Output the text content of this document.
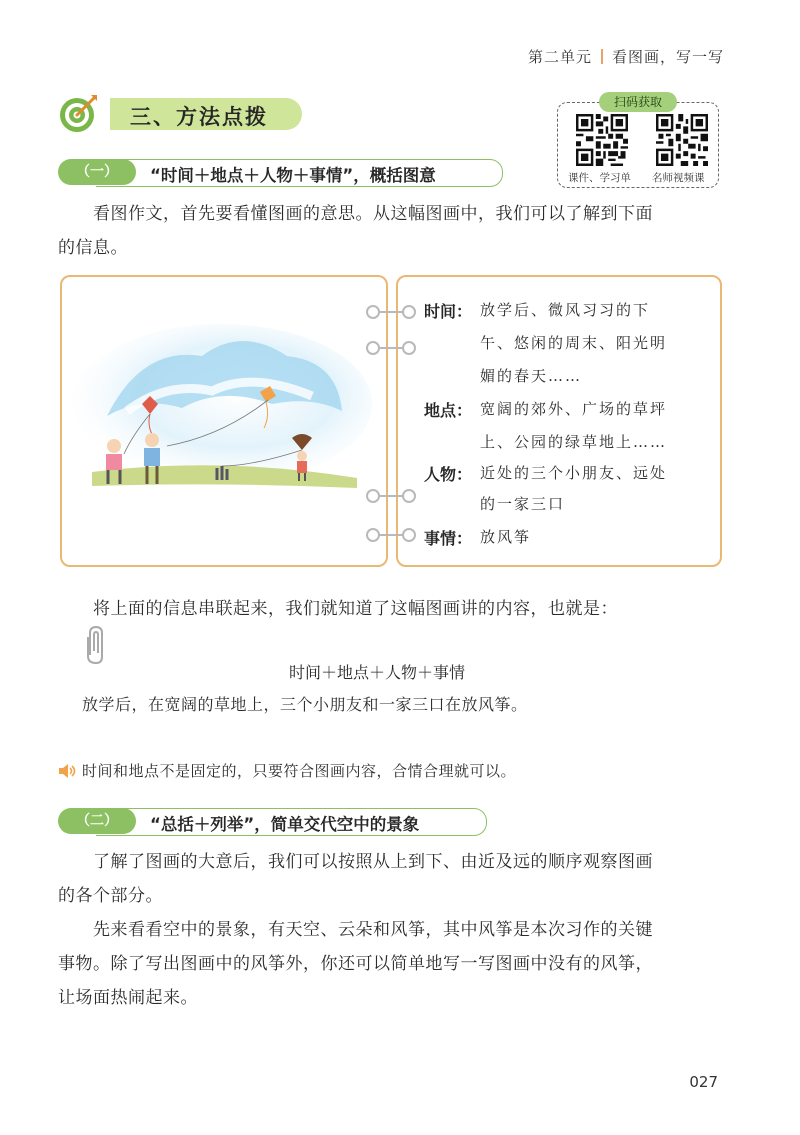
第二单元 看图画，写一写
三、方法点拨
扫码获取
课件、学习单 名师视频课
（一）	“时间＋地点＋人物＋事情”，概括图意
看图作文，首先要看懂图画的意思。从这幅图画中，我们可以了解到下面
的信息。
时间： 放学后、微风习习的下
午、悠闲的周末、阳光明
媚的春天……
地点： 宽阔的郊外、广场的草坪
上、公园的绿草地上……
人物： 近处的三个小朋友、远处
的一家三口
事情： 放风筝
将上面的信息串联起来，我们就知道了这幅图画讲的内容，也就是：
时间＋地点＋人物＋事情
放学后，在宽阔的草地上，三个小朋友和一家三口在放风筝。
时间和地点不是固定的，只要符合图画内容，合情合理就可以。
（二）	“总括＋列举”，简单交代空中的景象
了解了图画的大意后，我们可以按照从上到下、由近及远的顺序观察图画
的各个部分。
先来看看空中的景象，有天空、云朵和风筝，其中风筝是本次习作的关键
事物。除了写出图画中的风筝外，你还可以简单地写一写图画中没有的风筝，
让场面热闹起来。
027
